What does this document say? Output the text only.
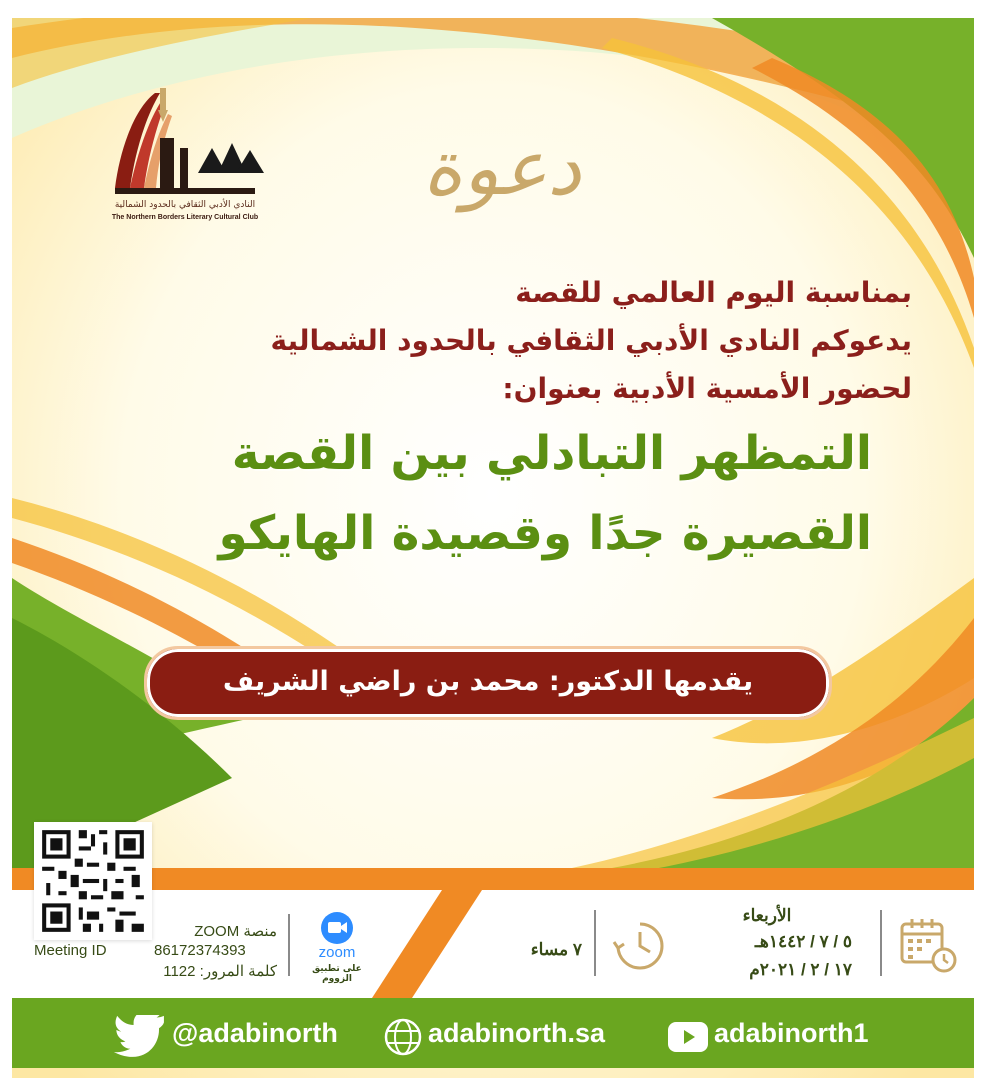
النادي الأدبي الثقافي بالحدود الشمالية
The Northern Borders Literary Cultural Club
دعوة
بمناسبة اليوم العالمي للقصة
يدعوكم النادي الأدبي الثقافي بالحدود الشمالية
لحضور الأمسية الأدبية بعنوان:
التمظهر التبادلي بين القصة
القصيرة جدًا وقصيدة الهايكو
يقدمها الدكتور: محمد بن راضي الشريف
منصة ZOOM
Meeting ID	86172374393
كلمة المرور: 1122
zoom
على تطبيق الزووم
٧ مساء
الأربعاء
٥ / ٧ / ١٤٤٢هـ
١٧ / ٢ / ٢٠٢١م
@adabinorth	adabinorth.sa	adabinorth1
